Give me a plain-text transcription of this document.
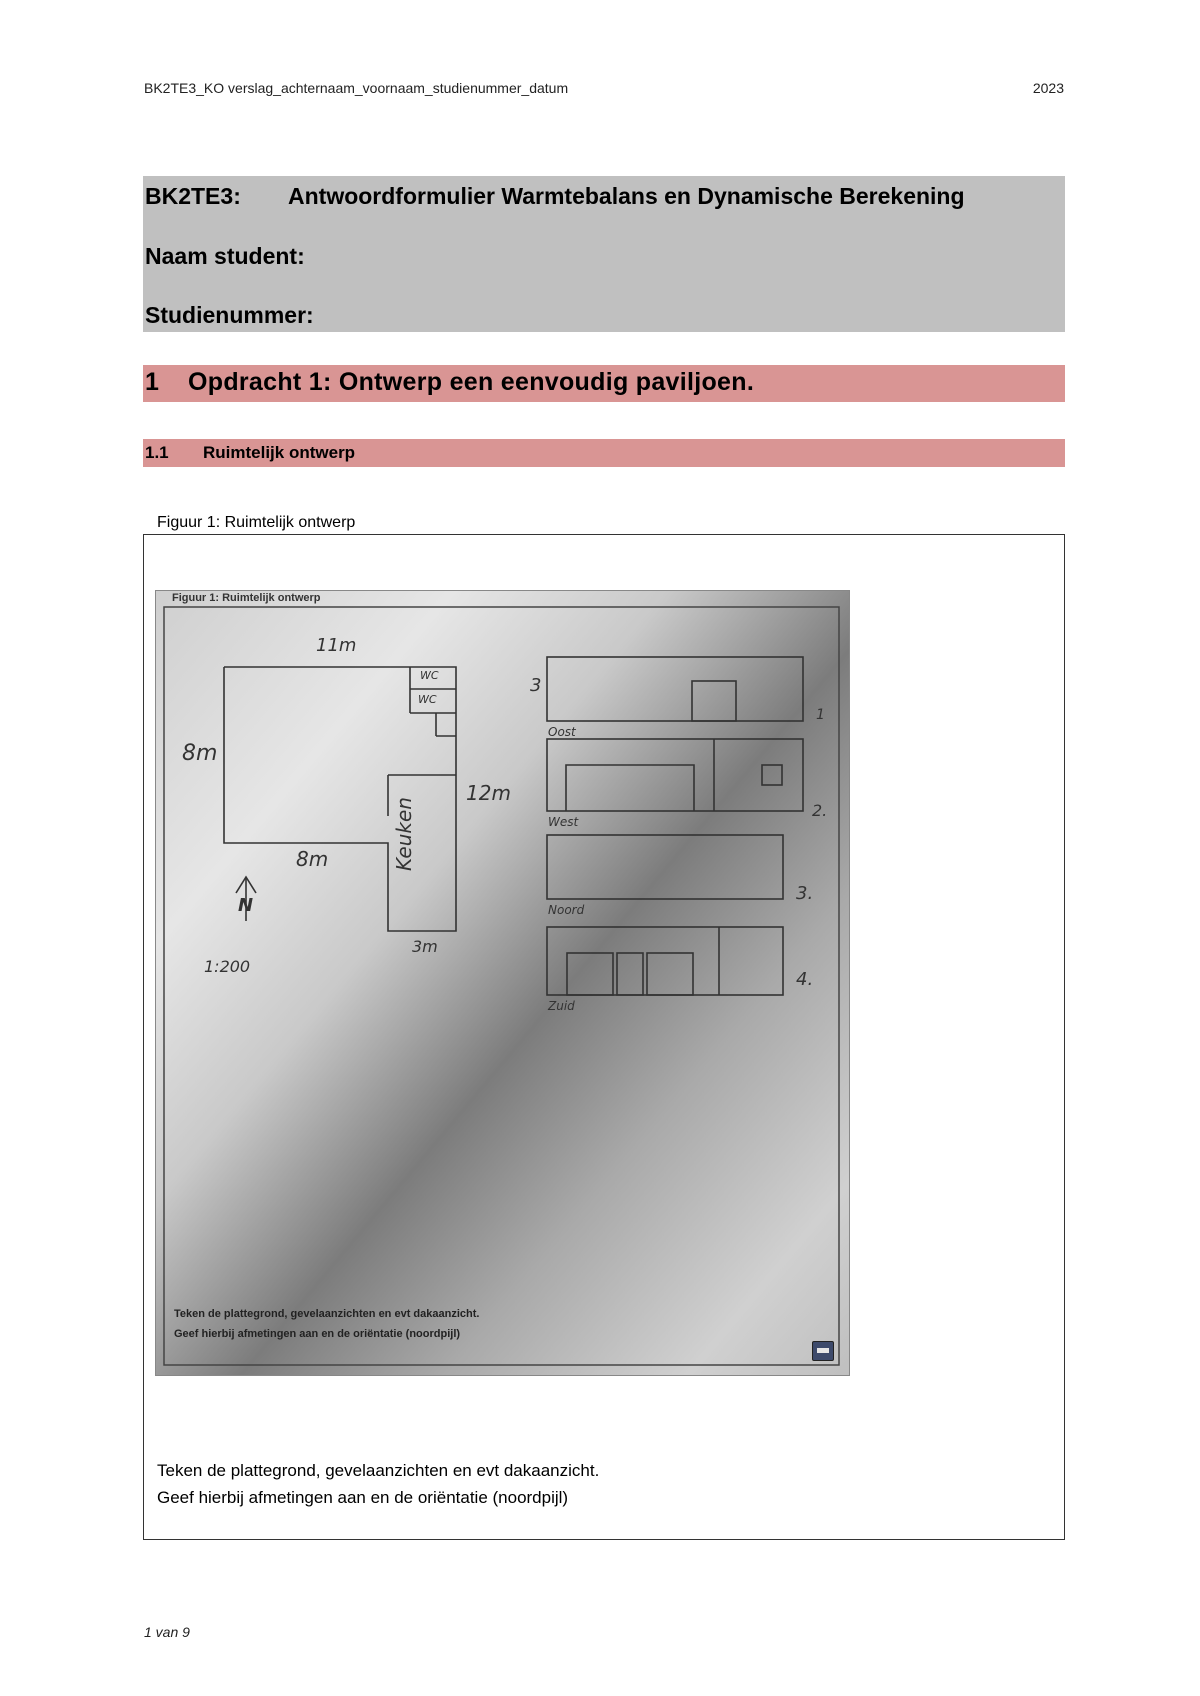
BK2TE3_KO verslag_achternaam_voornaam_studienummer_datum	2023
BK2TE3: Antwoordformulier Warmtebalans en Dynamische Berekening
Naam student:
Studienummer:
1 Opdracht 1: Ontwerp een eenvoudig paviljoen.
1.1 Ruimtelijk ontwerp
Figuur 1: Ruimtelijk ontwerp
Figuur 1: Ruimtelijk ontwerp
11m
8m
12m
8m
3m
WC
WC
Keuken
N
1:200
3
Oost
West
Noord
Zuid
1
2.
3.
4.
Teken de plattegrond, gevelaanzichten en evt dakaanzicht.
Geef hierbij afmetingen aan en de oriëntatie (noordpijl)
Teken de plattegrond, gevelaanzichten en evt dakaanzicht.
Geef hierbij afmetingen aan en de oriëntatie (noordpijl)
1 van 9
